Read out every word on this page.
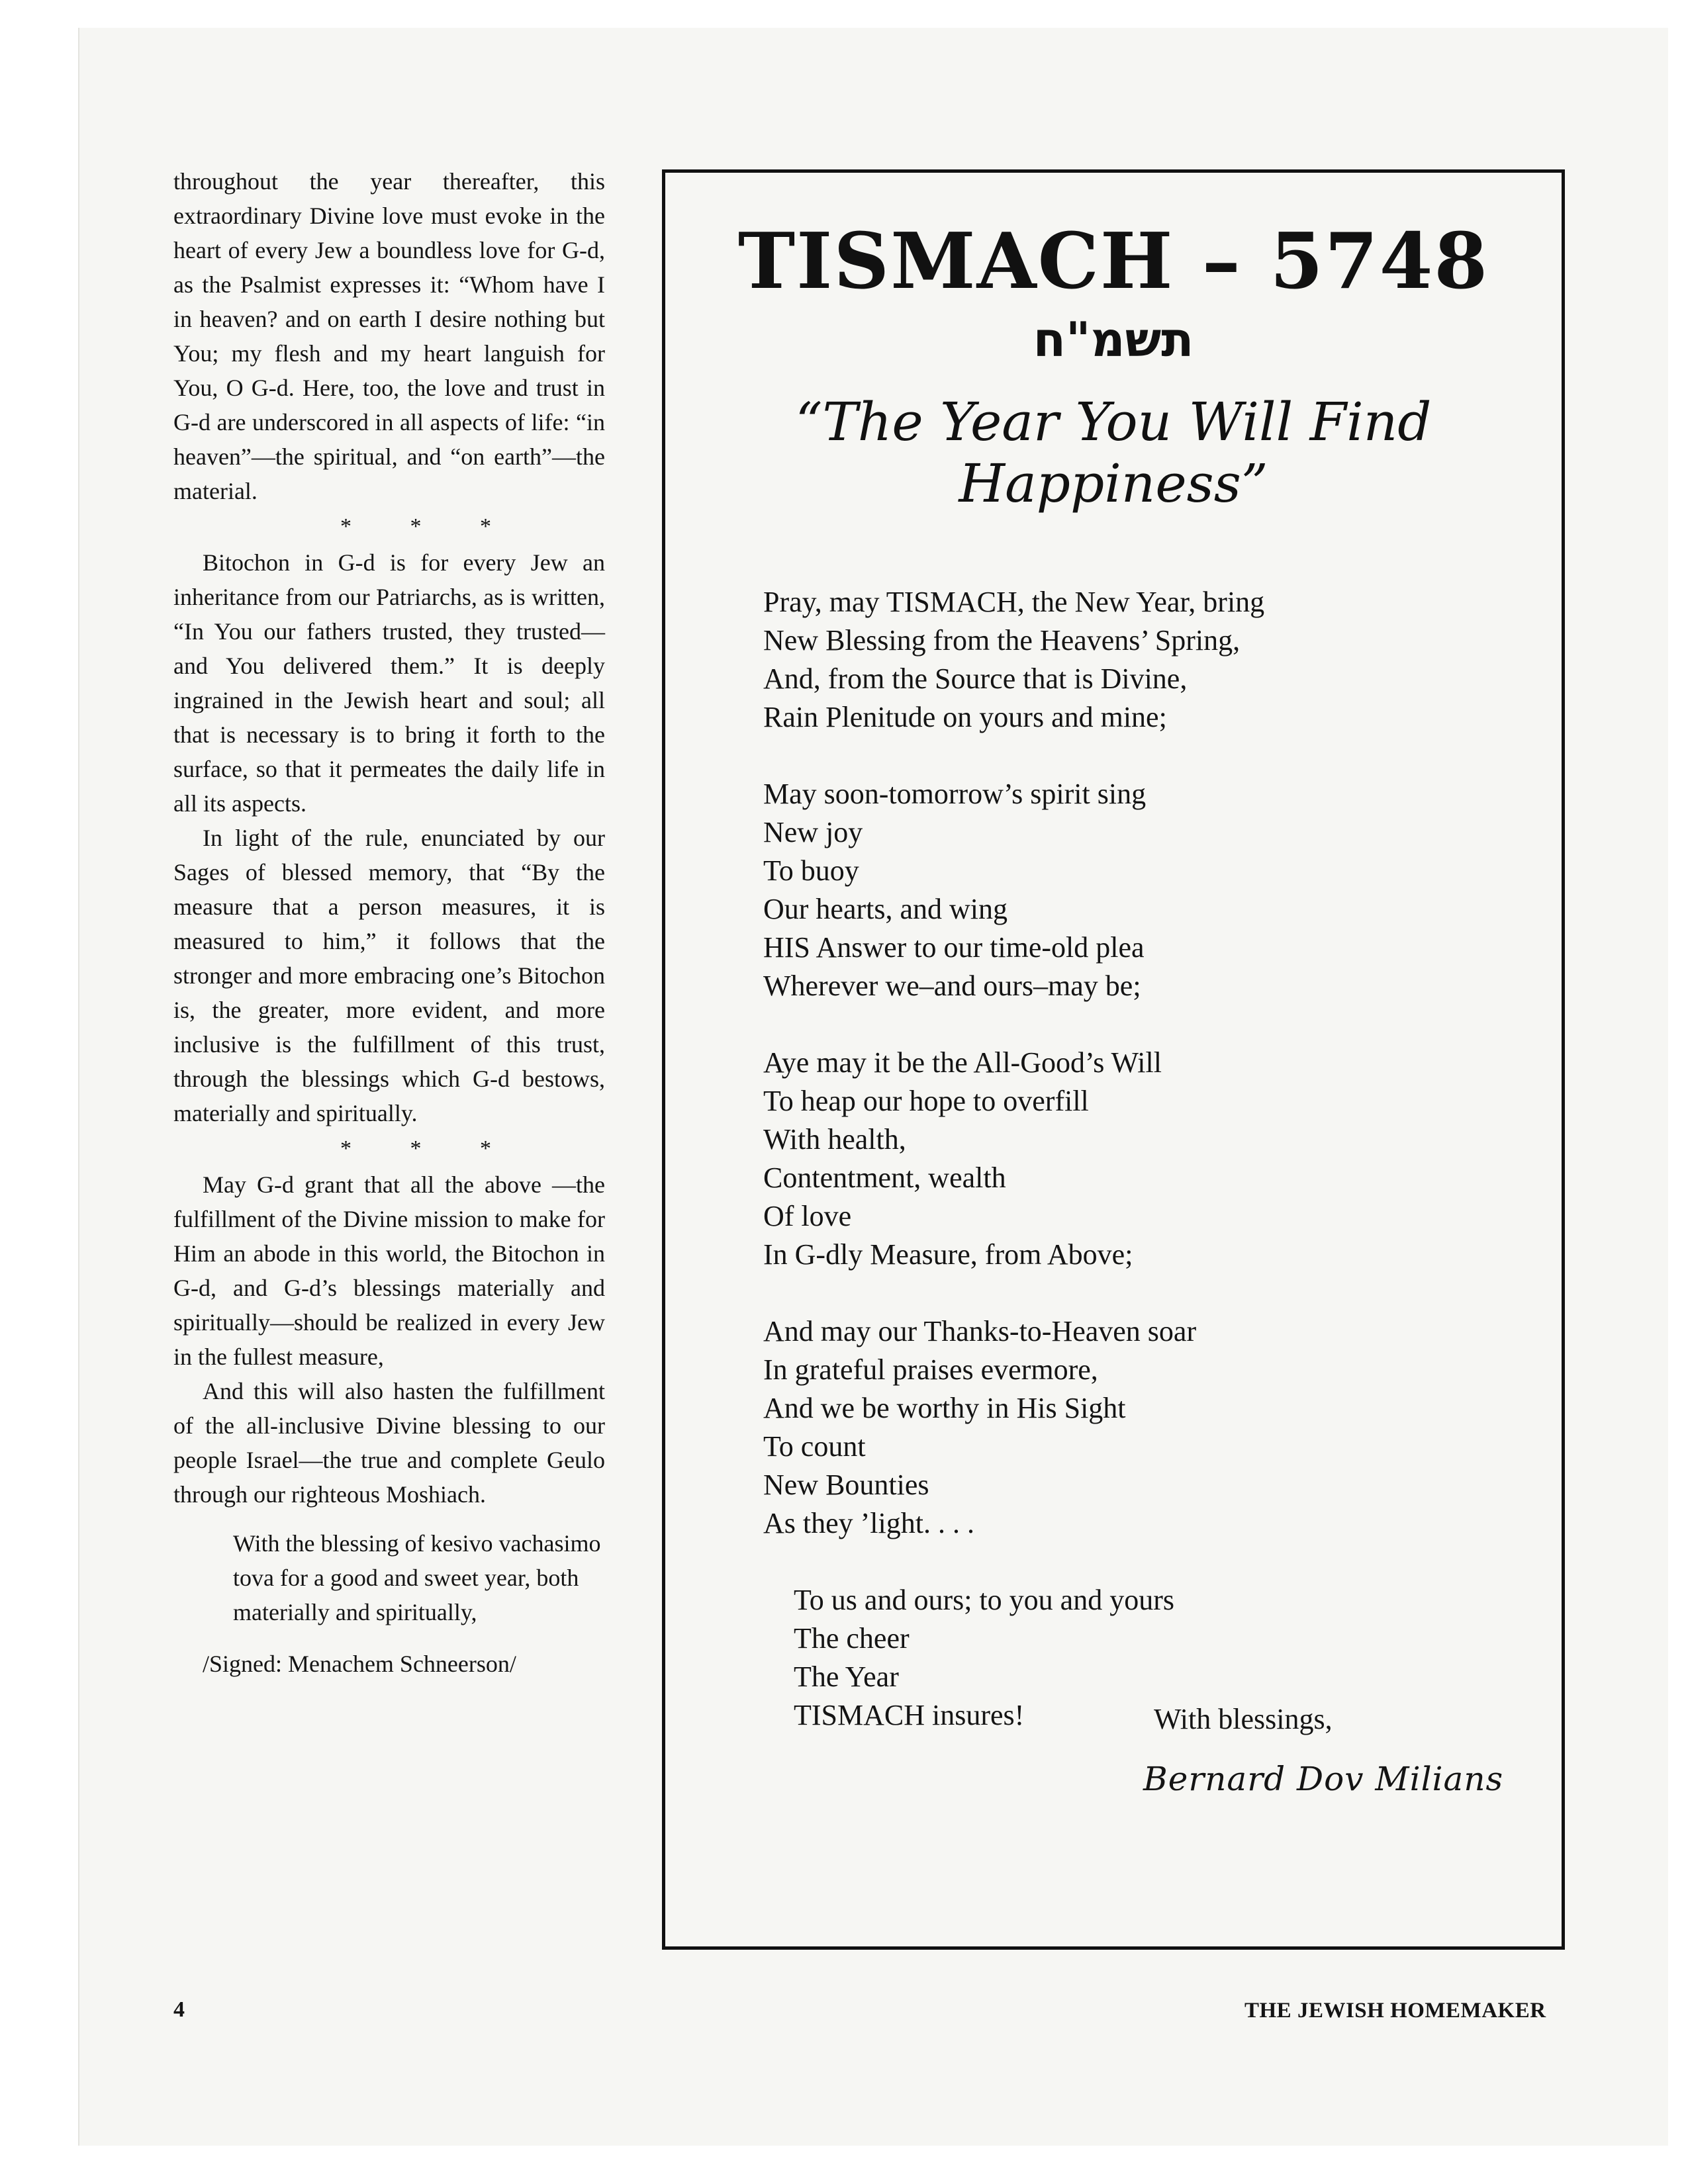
throughout the year thereafter, this extraordinary Divine love must evoke in the heart of every Jew a boundless love for G-d, as the Psalmist expresses it: “Whom have I in heaven? and on earth I desire nothing but You; my flesh and my heart languish for You, O G-d. Here, too, the love and trust in G-d are underscored in all aspects of life: “in heaven”—the spiritual, and “on earth”—the material.

* * *

Bitochon in G-d is for every Jew an inheritance from our Patriarchs, as is written, “In You our fathers trusted, they trusted—and You delivered them.” It is deeply ingrained in the Jewish heart and soul; all that is necessary is to bring it forth to the surface, so that it permeates the daily life in all its aspects.

In light of the rule, enunciated by our Sages of blessed memory, that “By the measure that a person measures, it is measured to him,” it follows that the stronger and more embracing one’s Bitochon is, the greater, more evident, and more inclusive is the fulfillment of this trust, through the blessings which G-d bestows, materially and spiritually.

* * *

May G-d grant that all the above —the fulfillment of the Divine mission to make for Him an abode in this world, the Bitochon in G-d, and G-d’s blessings materially and spiritually—should be realized in every Jew in the fullest measure,

And this will also hasten the fulfillment of the all-inclusive Divine blessing to our people Israel—the true and complete Geulo through our righteous Moshiach.

With the blessing of kesivo vachasimo tova for a good and sweet year, both materially and spiritually,

/Signed: Menachem Schneerson/

TISMACH – 5748
תשמ"ח
“The Year You Will Find Happiness”
Pray, may TISMACH, the New Year, bring
New Blessing from the Heavens’ Spring,
And, from the Source that is Divine,
Rain Plenitude on yours and mine;
May soon-tomorrow’s spirit sing
New joy
To buoy
Our hearts, and wing
HIS Answer to our time-old plea
Wherever we–and ours–may be;
Aye may it be the All-Good’s Will
To heap our hope to overfill
With health,
Contentment, wealth
Of love
In G-dly Measure, from Above;
And may our Thanks-to-Heaven soar
In grateful praises evermore,
And we be worthy in His Sight
To count
New Bounties
As they ’light. . . .
To us and ours; to you and yours
The cheer
The Year
TISMACH insures!	With blessings,
Bernard Dov Milians
4	THE JEWISH HOMEMAKER
